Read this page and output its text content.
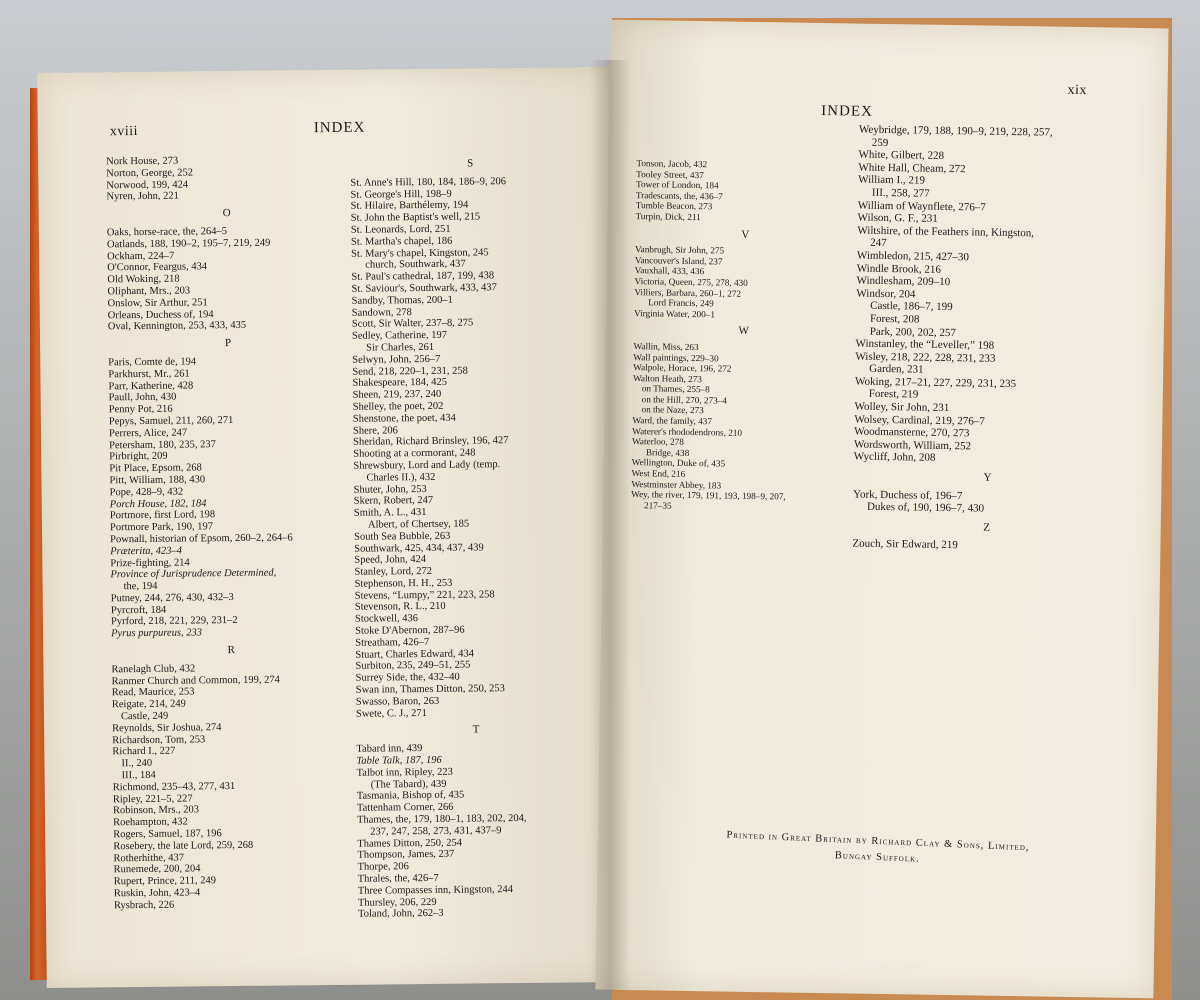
xviii	INDEX
Nork House, 273
Norton, George, 252
Norwood, 199, 424
Nyren, John, 221
O
Oaks, horse-race, the, 264–5
Oatlands, 188, 190–2, 195–7, 219, 249
Ockham, 224–7
O'Connor, Feargus, 434
Old Woking, 218
Oliphant, Mrs., 203
Onslow, Sir Arthur, 251
Orleans, Duchess of, 194
Oval, Kennington, 253, 433, 435
P
Paris, Comte de, 194
Parkhurst, Mr., 261
Parr, Katherine, 428
Paull, John, 430
Penny Pot, 216
Pepys, Samuel, 211, 260, 271
Perrers, Alice, 247
Petersham, 180, 235, 237
Pirbright, 209
Pit Place, Epsom, 268
Pitt, William, 188, 430
Pope, 428–9, 432
Porch House, 182, 184
Portmore, first Lord, 198
Portmore Park, 190, 197
Pownall, historian of Epsom, 260–2, 264–6
Præterita, 423–4
Prize-fighting, 214
Province of Jurisprudence Determined,
the, 194
Putney, 244, 276, 430, 432–3
Pyrcroft, 184
Pyrford, 218, 221, 229, 231–2
Pyrus purpureus, 233
R
Ranelagh Club, 432
Ranmer Church and Common, 199, 274
Read, Maurice, 253
Reigate, 214, 249
Castle, 249
Reynolds, Sir Joshua, 274
Richardson, Tom, 253
Richard I., 227
II., 240
III., 184
Richmond, 235–43, 277, 431
Ripley, 221–5, 227
Robinson, Mrs., 203
Roehampton, 432
Rogers, Samuel, 187, 196
Rosebery, the late Lord, 259, 268
Rotherhithe, 437
Runemede, 200, 204
Rupert, Prince, 211, 249
Ruskin, John, 423–4
Rysbrach, 226
S
St. Anne's Hill, 180, 184, 186–9, 206
St. George's Hill, 198–9
St. Hilaire, Barthélemy, 194
St. John the Baptist's well, 215
St. Leonards, Lord, 251
St. Martha's chapel, 186
St. Mary's chapel, Kingston, 245
church, Southwark, 437
St. Paul's cathedral, 187, 199, 438
St. Saviour's, Southwark, 433, 437
Sandby, Thomas, 200–1
Sandown, 278
Scott, Sir Walter, 237–8, 275
Sedley, Catherine, 197
Sir Charles, 261
Selwyn, John, 256–7
Send, 218, 220–1, 231, 258
Shakespeare, 184, 425
Sheen, 219, 237, 240
Shelley, the poet, 202
Shenstone, the poet, 434
Shere, 206
Sheridan, Richard Brinsley, 196, 427
Shooting at a cormorant, 248
Shrewsbury, Lord and Lady (temp.
Charles II.), 432
Shuter, John, 253
Skern, Robert, 247
Smith, A. L., 431
Albert, of Chertsey, 185
South Sea Bubble, 263
Southwark, 425, 434, 437, 439
Speed, John, 424
Stanley, Lord, 272
Stephenson, H. H., 253
Stevens, “Lumpy,” 221, 223, 258
Stevenson, R. L., 210
Stockwell, 436
Stoke D'Abernon, 287–96
Streatham, 426–7
Stuart, Charles Edward, 434
Surbiton, 235, 249–51, 255
Surrey Side, the, 432–40
Swan inn, Thames Ditton, 250, 253
Swasso, Baron, 263
Swete, C. J., 271
T
Tabard inn, 439
Table Talk, 187, 196
Talbot inn, Ripley, 223
(The Tabard), 439
Tasmania, Bishop of, 435
Tattenham Corner, 266
Thames, the, 179, 180–1, 183, 202, 204,
237, 247, 258, 273, 431, 437–9
Thames Ditton, 250, 254
Thompson, James, 237
Thorpe, 206
Thrales, the, 426–7
Three Compasses inn, Kingston, 244
Thursley, 206, 229
Toland, John, 262–3
INDEX
xix
Tonson, Jacob, 432
Tooley Street, 437
Tower of London, 184
Tradescants, the, 436–7
Tumble Beacon, 273
Turpin, Dick, 211
V
Vanbrugh, Sir John, 275
Vancouver's Island, 237
Vauxhall, 433, 436
Victoria, Queen, 275, 278, 430
Villiers, Barbara, 260–1, 272
Lord Francis, 249
Virginia Water, 200–1
W
Wallin, Miss, 263
Wall paintings, 229–30
Walpole, Horace, 196, 272
Walton Heath, 273
on Thames, 255–8
on the Hill, 270, 273–4
on the Naze, 273
Ward, the family, 437
Waterer's rhododendrons, 210
Waterloo, 278
Bridge, 438
Wellington, Duke of, 435
West End, 216
Westminster Abbey, 183
Wey, the river, 179, 191, 193, 198–9, 207,
217–35
Weybridge, 179, 188, 190–9, 219, 228, 257,
259
White, Gilbert, 228
White Hall, Cheam, 272
William I., 219
III., 258, 277
William of Waynflete, 276–7
Wilson, G. F., 231
Wiltshire, of the Feathers inn, Kingston,
247
Wimbledon, 215, 427–30
Windle Brook, 216
Windlesham, 209–10
Windsor, 204
Castle, 186–7, 199
Forest, 208
Park, 200, 202, 257
Winstanley, the “Leveller,” 198
Wisley, 218, 222, 228, 231, 233
Garden, 231
Woking, 217–21, 227, 229, 231, 235
Forest, 219
Wolley, Sir John, 231
Wolsey, Cardinal, 219, 276–7
Woodmansterne, 270, 273
Wordsworth, William, 252
Wycliff, John, 208
Y
York, Duchess of, 196–7
Dukes of, 190, 196–7, 430
Z
Zouch, Sir Edward, 219
Printed in Great Britain by Richard Clay & Sons, Limited,
Bungay Suffolk.
